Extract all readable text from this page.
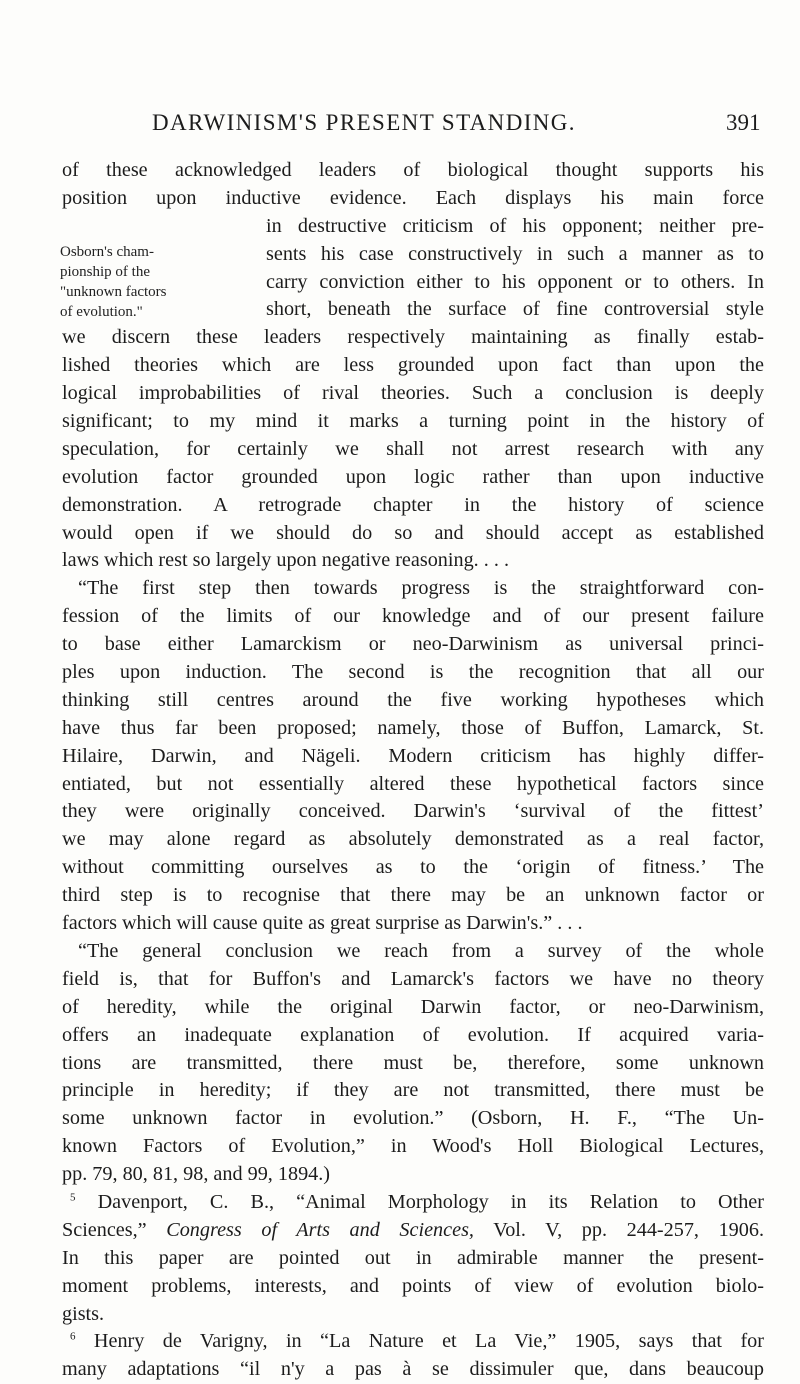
DARWINISM'S PRESENT STANDING.	391
Osborn's cham-
pionship of the
"unknown factors
of evolution."
of these acknowledged leaders of biological thought supports his
position upon inductive evidence. Each displays his main force
in destructive criticism of his opponent; neither pre-
sents his case constructively in such a manner as to
carry conviction either to his opponent or to others. In
short, beneath the surface of fine controversial style
we discern these leaders respectively maintaining as finally estab-
lished theories which are less grounded upon fact than upon the
logical improbabilities of rival theories. Such a conclusion is deeply
significant; to my mind it marks a turning point in the history of
speculation, for certainly we shall not arrest research with any
evolution factor grounded upon logic rather than upon inductive
demonstration. A retrograde chapter in the history of science
would open if we should do so and should accept as established
laws which rest so largely upon negative reasoning. . . .
“The first step then towards progress is the straightforward con-
fession of the limits of our knowledge and of our present failure
to base either Lamarckism or neo-Darwinism as universal princi-
ples upon induction. The second is the recognition that all our
thinking still centres around the five working hypotheses which
have thus far been proposed; namely, those of Buffon, Lamarck, St.
Hilaire, Darwin, and Nägeli. Modern criticism has highly differ-
entiated, but not essentially altered these hypothetical factors since
they were originally conceived. Darwin's ‘survival of the fittest’
we may alone regard as absolutely demonstrated as a real factor,
without committing ourselves as to the ‘origin of fitness.’ The
third step is to recognise that there may be an unknown factor or
factors which will cause quite as great surprise as Darwin's.” . . .
“The general conclusion we reach from a survey of the whole
field is, that for Buffon's and Lamarck's factors we have no theory
of heredity, while the original Darwin factor, or neo-Darwinism,
offers an inadequate explanation of evolution. If acquired varia-
tions are transmitted, there must be, therefore, some unknown
principle in heredity; if they are not transmitted, there must be
some unknown factor in evolution.” (Osborn, H. F., “The Un-
known Factors of Evolution,” in Wood's Holl Biological Lectures,
pp. 79, 80, 81, 98, and 99, 1894.)
$^5$ Davenport, C. B., “Animal Morphology in its Relation to Other
Sciences,” Congress of Arts and Sciences, Vol. V, pp. 244-257, 1906.
In this paper are pointed out in admirable manner the present-
moment problems, interests, and points of view of evolution biolo-
gists.
$^6$ Henry de Varigny, in “La Nature et La Vie,” 1905, says that for
many adaptations “il n'y a pas à se dissimuler que, dans beaucoup
